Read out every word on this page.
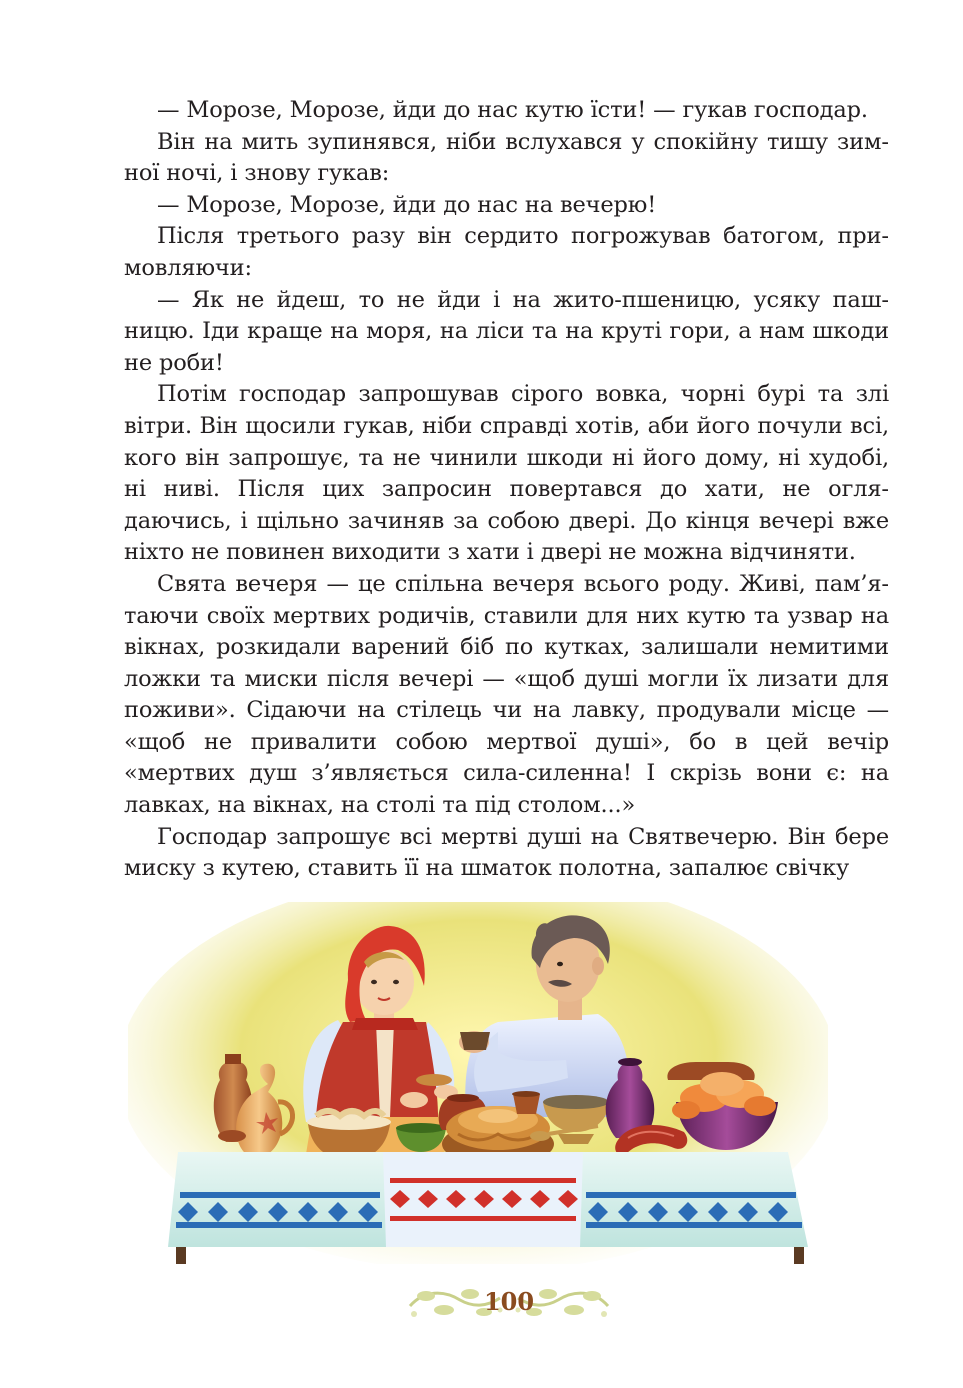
— Морозе, Морозе, йди до нас кутю їсти! — гукав господар.

Він на мить зупинявся, ніби вслухався у спокійну тишу зимної ночі, і знову гукав:

— Морозе, Морозе, йди до нас на вечерю!

Після третього разу він сердито погрожував батогом, примовляючи:

— Як не йдеш, то не йди і на жито-пшеницю, усяку пашницю. Іди краще на моря, на ліси та на круті гори, а нам шкоди не роби!

Потім господар запрошував сірого вовка, чорні бурі та злі вітри. Він щосили гукав, ніби справді хотів, аби його почули всі, кого він запрошує, та не чинили шкоди ні його дому, ні худобі, ні ниві. Після цих запросин повертався до хати, не оглядаючись, і щільно зачиняв за собою двері. До кінця вечері вже ніхто не повинен виходити з хати і двері не можна відчиняти.

Свята вечеря — це спільна вечеря всього роду. Живі, пам’ятаючи своїх мертвих родичів, ставили для них кутю та узвар на вікнах, розкидали варений біб по кутках, залишали немитими ложки та миски після вечері — «щоб душі могли їх лизати для поживи». Сідаючи на стілець чи на лавку, продували місце — «щоб не привалити собою мертвої душі», бо в цей вечір «мертвих душ з’являється сила-силенна! І скрізь вони є: на лавках, на вікнах, на столі та під столом...»

Господар запрошує всі мертві душі на Святвечерю. Він бере миску з кутею, ставить її на шматок полотна, запалює свічку

100
